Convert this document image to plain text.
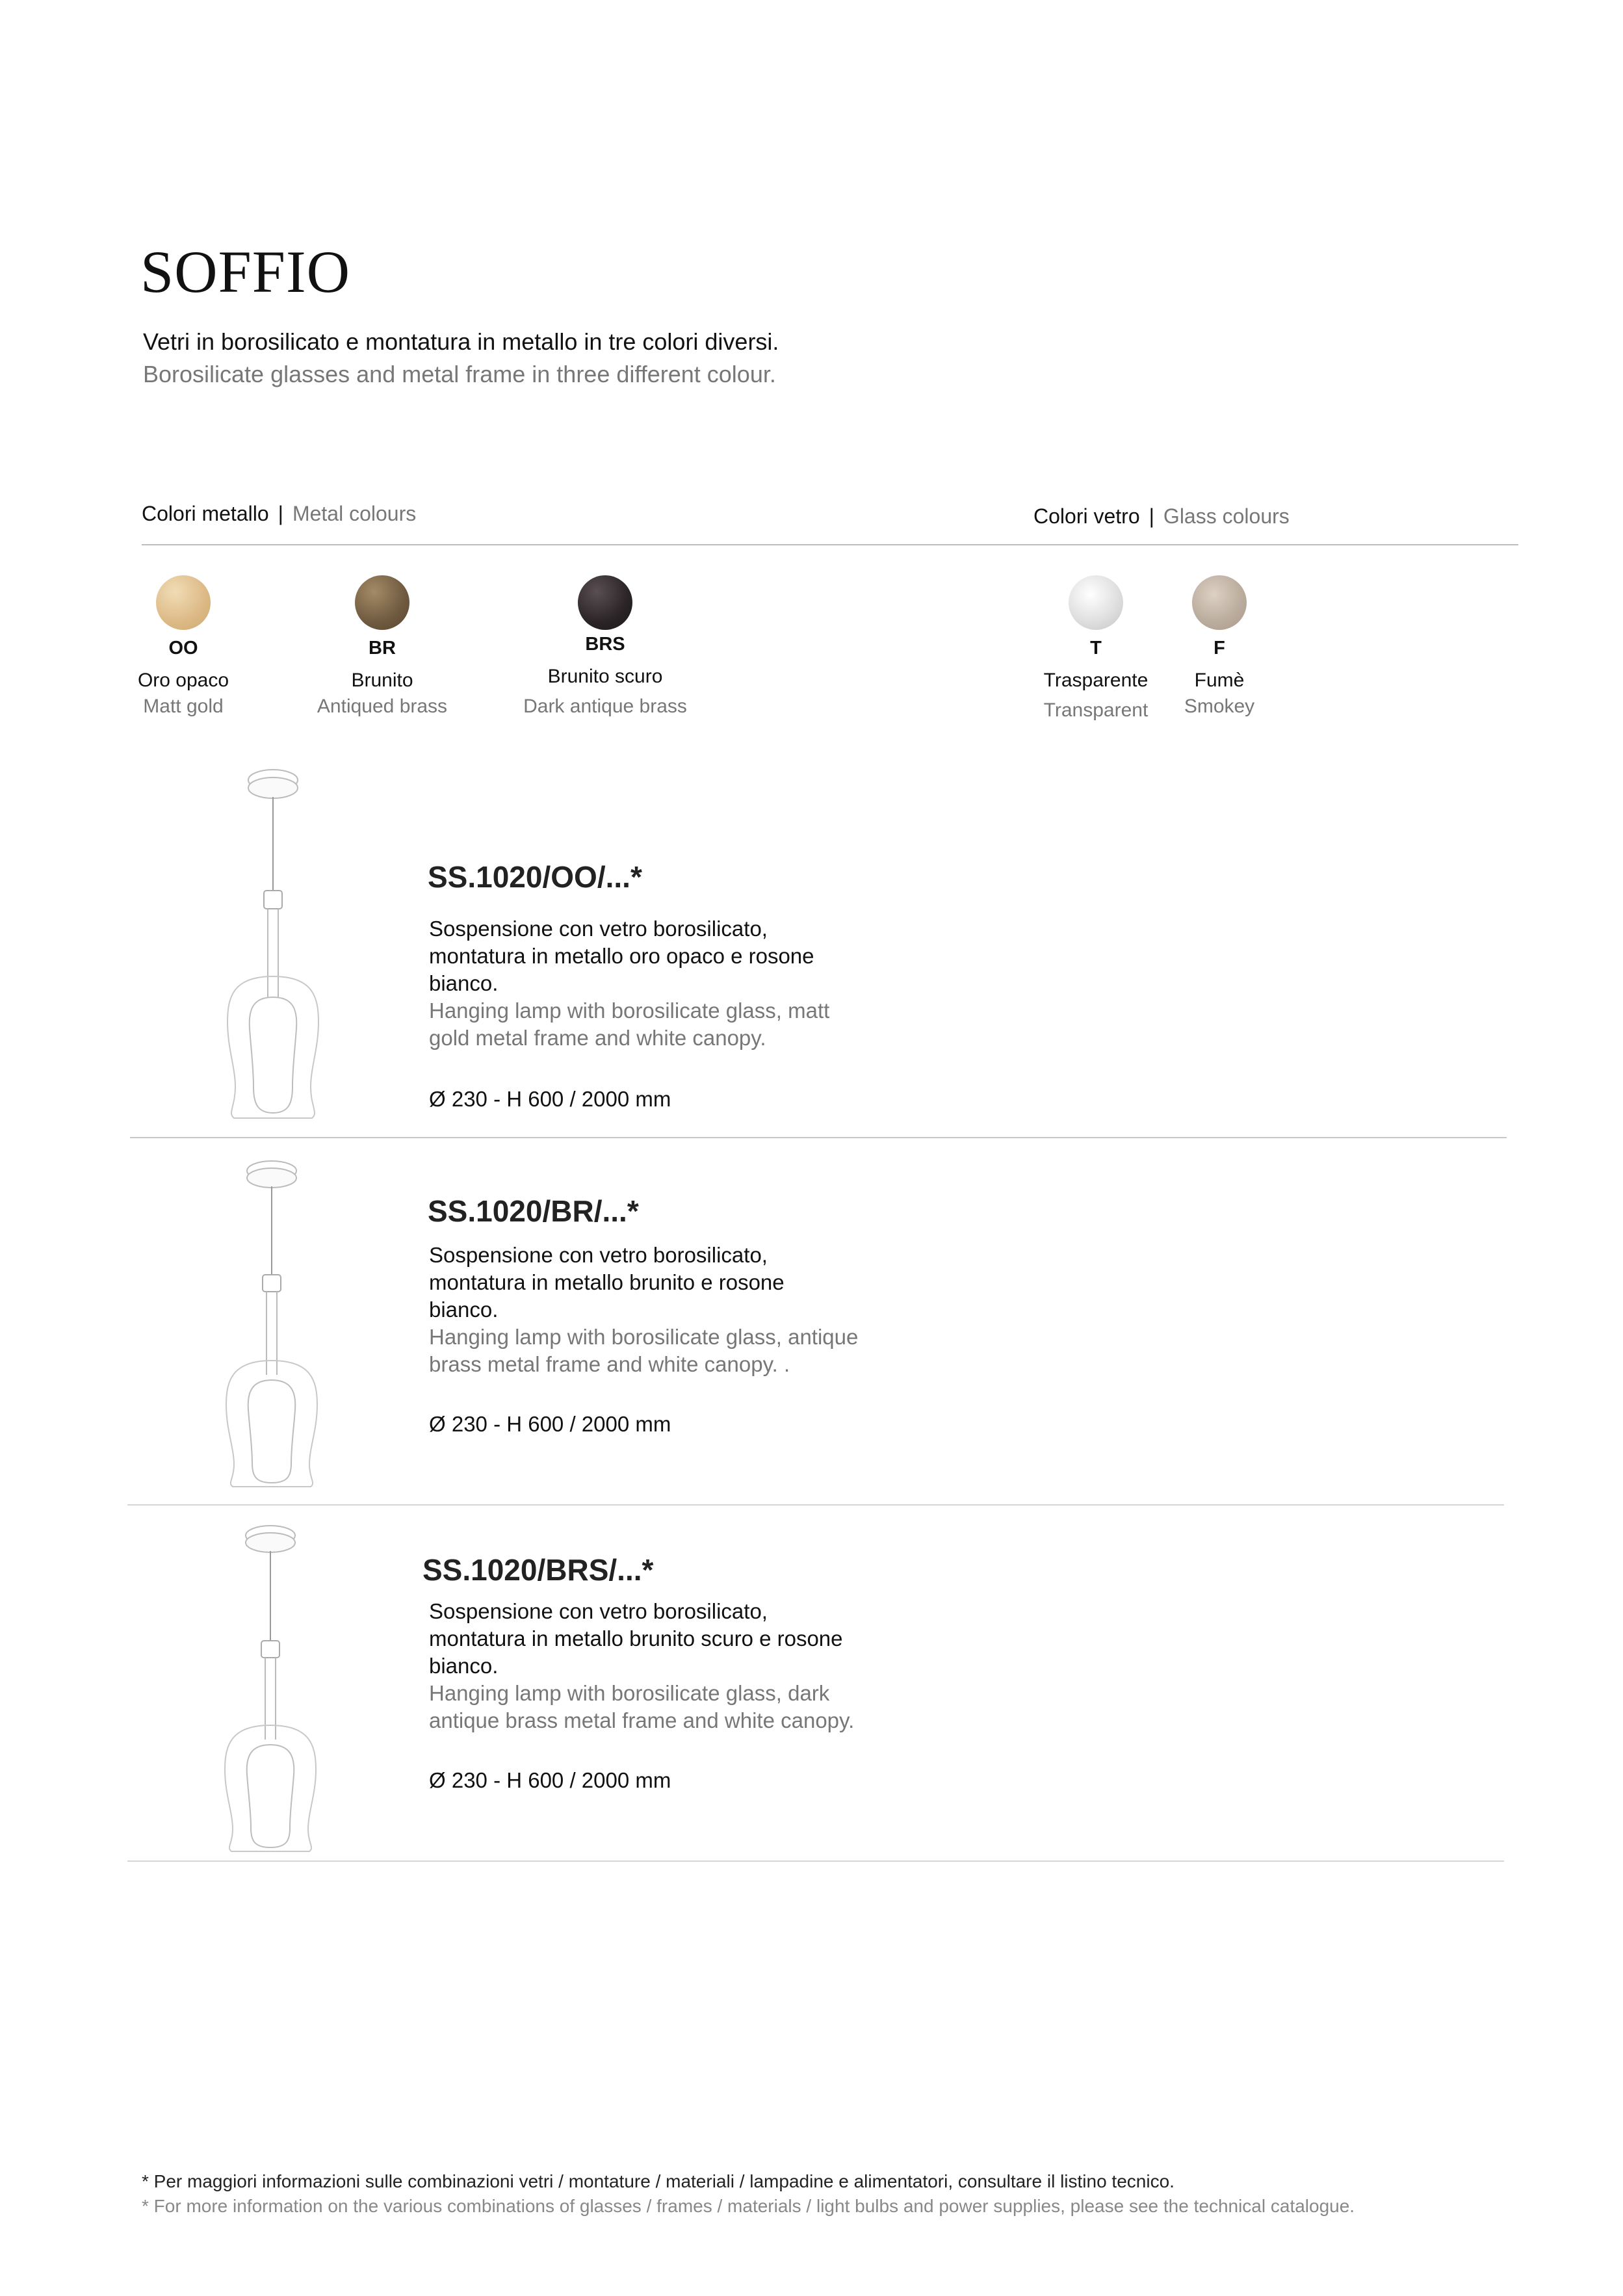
SOFFIO
Vetri in borosilicato e montatura in metallo in tre colori diversi.
Borosilicate glasses and metal frame in three different colour.
Colori metallo | Metal colours	Colori vetro | Glass colours
OO
Oro opaco
Matt gold
BR
Brunito
Antiqued brass
BRS
Brunito scuro
Dark antique brass
T
Trasparente
Transparent
F
Fumè
Smokey
SS.1020/OO/...*
Sospensione con vetro borosilicato,
montatura in metallo oro opaco e rosone
bianco.
Hanging lamp with borosilicate glass, matt
gold metal frame and white canopy.
Ø 230 - H 600 / 2000 mm
SS.1020/BR/...*
Sospensione con vetro borosilicato,
montatura in metallo brunito e rosone
bianco.
Hanging lamp with borosilicate glass, antique
brass metal frame and white canopy. .
Ø 230 - H 600 / 2000 mm
SS.1020/BRS/...*
Sospensione con vetro borosilicato,
montatura in metallo brunito scuro e rosone
bianco.
Hanging lamp with borosilicate glass, dark
antique brass metal frame and white canopy.
Ø 230 - H 600 / 2000 mm
* Per maggiori informazioni sulle combinazioni vetri / montature / materiali / lampadine e alimentatori, consultare il listino tecnico.
* For more information on the various combinations of glasses / frames / materials / light bulbs and power supplies, please see the technical catalogue.
